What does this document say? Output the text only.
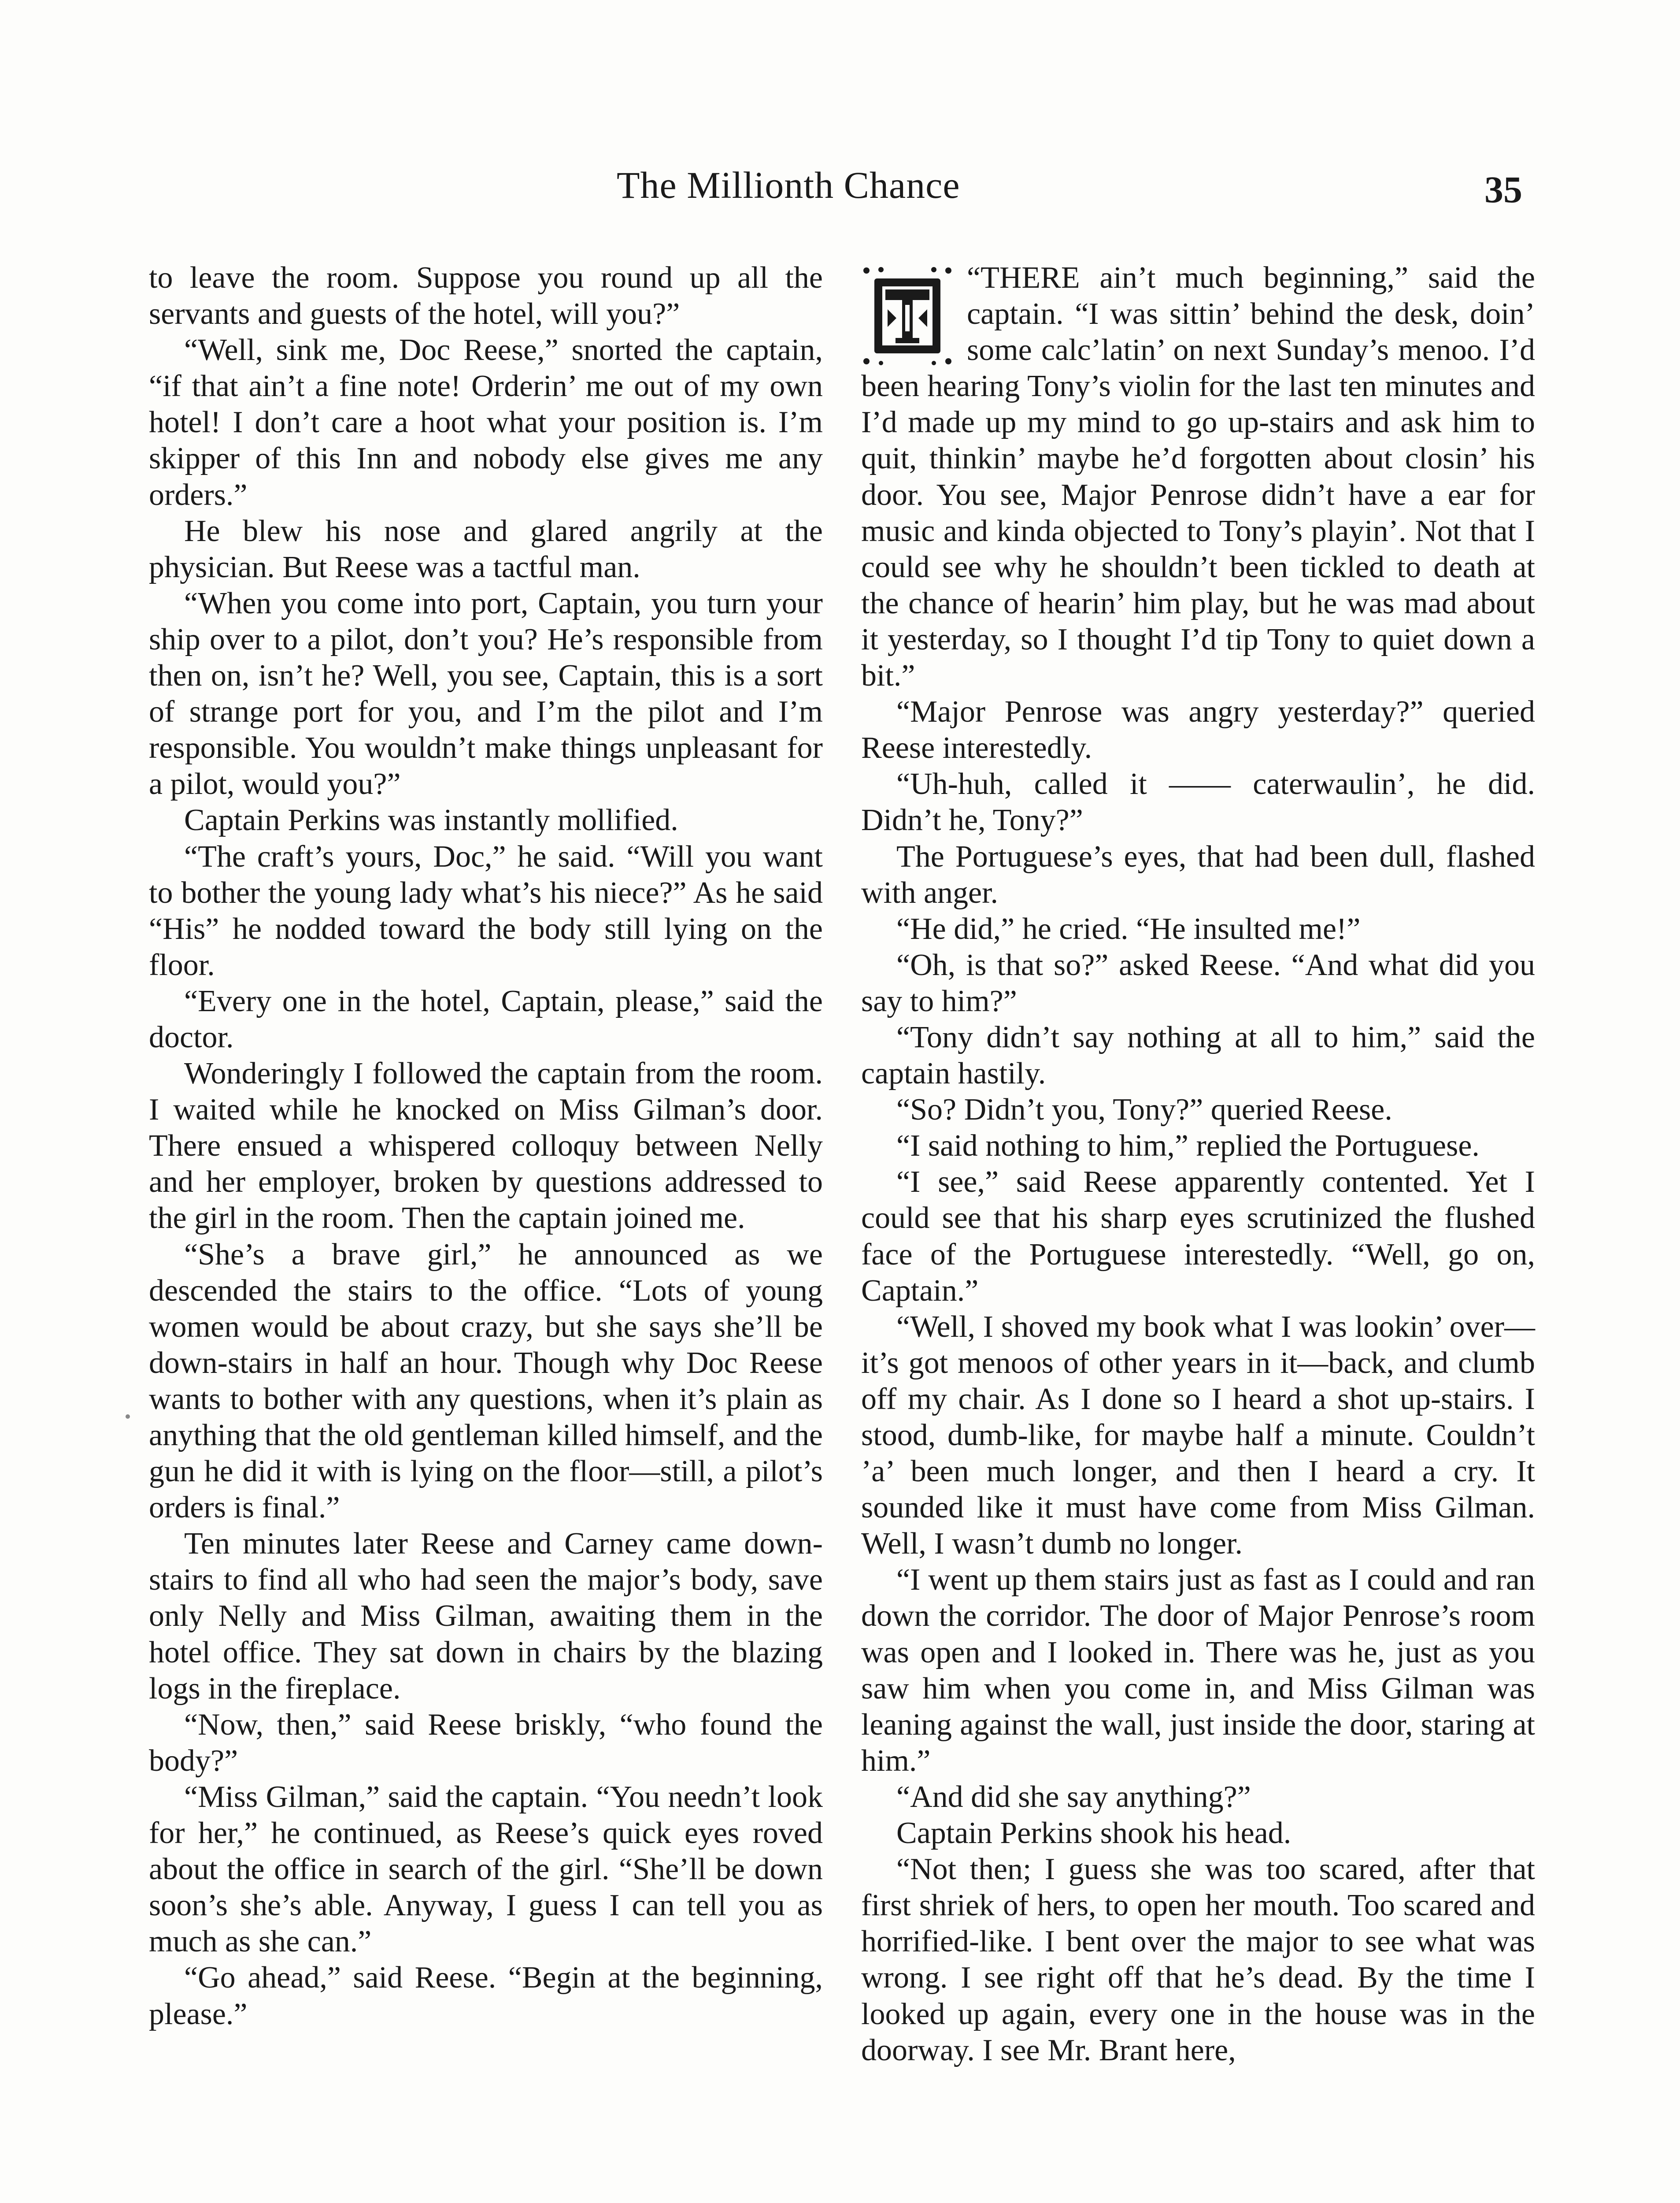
The Millionth Chance	35

to leave the room. Suppose you round up all the servants and guests of the hotel, will you?”

“Well, sink me, Doc Reese,” snorted the captain, “if that ain’t a fine note! Orderin’ me out of my own hotel! I don’t care a hoot what your position is. I’m skipper of this Inn and nobody else gives me any orders.”

He blew his nose and glared angrily at the physician. But Reese was a tactful man.

“When you come into port, Captain, you turn your ship over to a pilot, don’t you? He’s responsible from then on, isn’t he? Well, you see, Captain, this is a sort of strange port for you, and I’m the pilot and I’m responsible. You wouldn’t make things unpleasant for a pilot, would you?”

Captain Perkins was instantly mollified.

“The craft’s yours, Doc,” he said. “Will you want to bother the young lady what’s his niece?” As he said “His” he nodded toward the body still lying on the floor.

“Every one in the hotel, Captain, please,” said the doctor.

Wonderingly I followed the captain from the room. I waited while he knocked on Miss Gilman’s door. There ensued a whispered colloquy between Nelly and her employer, broken by questions addressed to the girl in the room. Then the captain joined me.

“She’s a brave girl,” he announced as we descended the stairs to the office. “Lots of young women would be about crazy, but she says she’ll be down-stairs in half an hour. Though why Doc Reese wants to bother with any questions, when it’s plain as anything that the old gentleman killed himself, and the gun he did it with is lying on the floor—still, a pilot’s orders is final.”

Ten minutes later Reese and Carney came down-stairs to find all who had seen the major’s body, save only Nelly and Miss Gilman, awaiting them in the hotel office. They sat down in chairs by the blazing logs in the fireplace.

“Now, then,” said Reese briskly, “who found the body?”

“Miss Gilman,” said the captain. “You needn’t look for her,” he continued, as Reese’s quick eyes roved about the office in search of the girl. “She’ll be down soon’s she’s able. Anyway, I guess I can tell you as much as she can.”

“Go ahead,” said Reese. “Begin at the beginning, please.”

“THERE ain’t much beginning,” said the captain. “I was sittin’ behind the desk, doin’ some calc’latin’ on next Sunday’s menoo. I’d been hearing Tony’s violin for the last ten minutes and I’d made up my mind to go up-stairs and ask him to quit, thinkin’ maybe he’d forgotten about closin’ his door. You see, Major Penrose didn’t have a ear for music and kinda objected to Tony’s playin’. Not that I could see why he shouldn’t been tickled to death at the chance of hearin’ him play, but he was mad about it yesterday, so I thought I’d tip Tony to quiet down a bit.”

“Major Penrose was angry yesterday?” queried Reese interestedly.

“Uh-huh, called it —— caterwaulin’, he did. Didn’t he, Tony?”

The Portuguese’s eyes, that had been dull, flashed with anger.

“He did,” he cried. “He insulted me!”

“Oh, is that so?” asked Reese. “And what did you say to him?”

“Tony didn’t say nothing at all to him,” said the captain hastily.

“So? Didn’t you, Tony?” queried Reese.

“I said nothing to him,” replied the Portuguese.

“I see,” said Reese apparently contented. Yet I could see that his sharp eyes scrutinized the flushed face of the Portuguese interestedly. “Well, go on, Captain.”

“Well, I shoved my book what I was lookin’ over—it’s got menoos of other years in it—back, and clumb off my chair. As I done so I heard a shot up-stairs. I stood, dumb-like, for maybe half a minute. Couldn’t ’a’ been much longer, and then I heard a cry. It sounded like it must have come from Miss Gilman. Well, I wasn’t dumb no longer.

“I went up them stairs just as fast as I could and ran down the corridor. The door of Major Penrose’s room was open and I looked in. There was he, just as you saw him when you come in, and Miss Gilman was leaning against the wall, just inside the door, staring at him.”

“And did she say anything?”

Captain Perkins shook his head.

“Not then; I guess she was too scared, after that first shriek of hers, to open her mouth. Too scared and horrified-like. I bent over the major to see what was wrong. I see right off that he’s dead. By the time I looked up again, every one in the house was in the doorway. I see Mr. Brant here,
